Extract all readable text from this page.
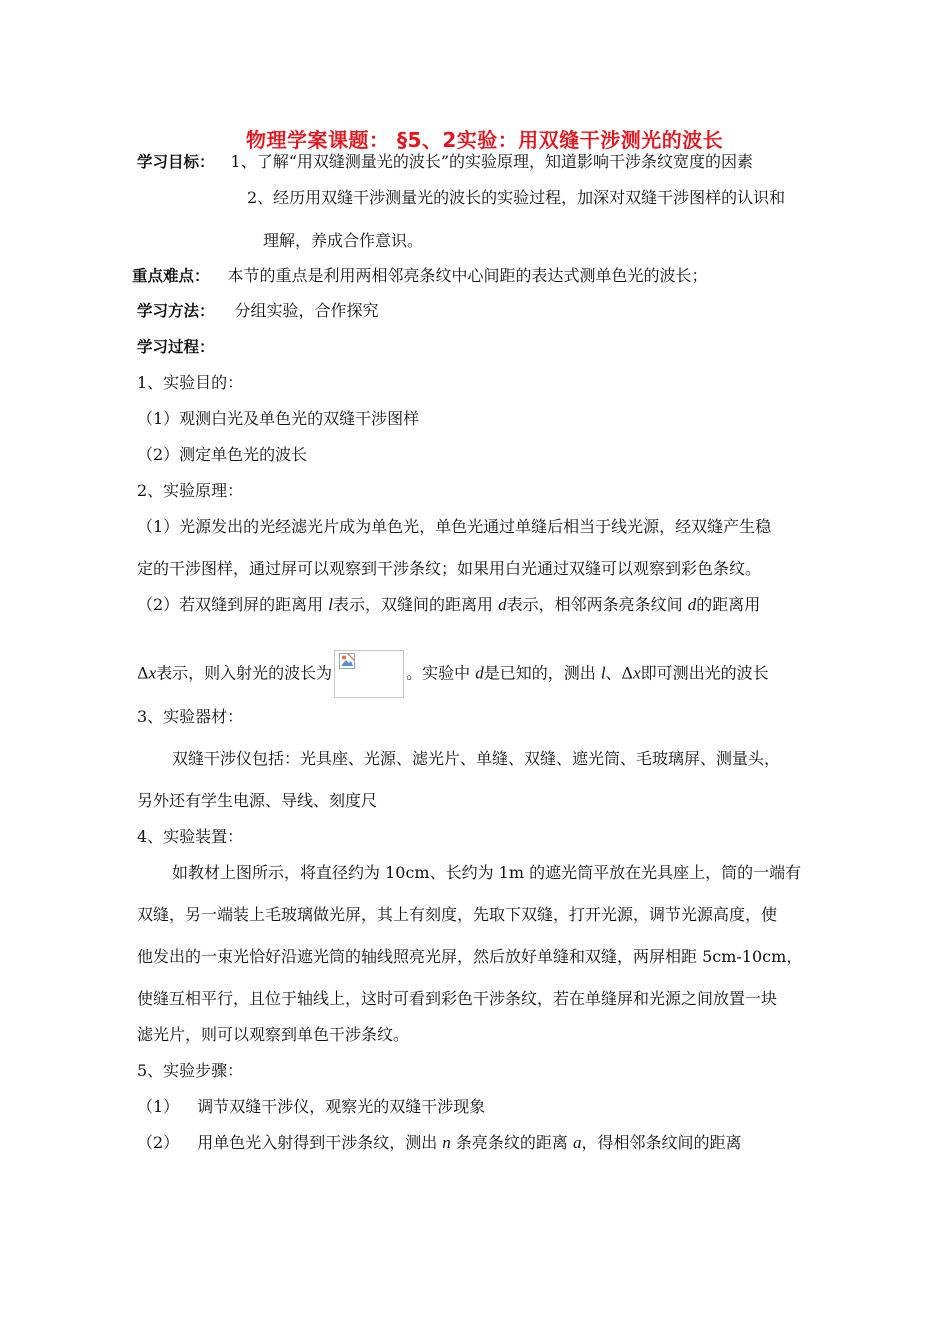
物理学案课题： §5、2实验：用双缝干涉测光的波长
学习目标： 1、了解“用双缝测量光的波长”的实验原理，知道影响干涉条纹宽度的因素
2、经历用双缝干涉测量光的波长的实验过程，加深对双缝干涉图样的认识和
理解，养成合作意识。
重点难点： 本节的重点是利用两相邻亮条纹中心间距的表达式测单色光的波长；
学习方法： 分组实验，合作探究
学习过程：
1、实验目的：
（1）观测白光及单色光的双缝干涉图样
（2）测定单色光的波长
2、实验原理：
（1）光源发出的光经滤光片成为单色光，单色光通过单缝后相当于线光源，经双缝产生稳
定的干涉图样，通过屏可以观察到干涉条纹；如果用白光通过双缝可以观察到彩色条纹。
（2）若双缝到屏的距离用 l表示，双缝间的距离用 d表示，相邻两条亮条纹间 d的距离用
Δx表示，则入射光的波长为	。实验中 d是已知的，测出 l、Δx即可测出光的波长
3、实验器材：
双缝干涉仪包括：光具座、光源、滤光片、单缝、双缝、遮光筒、毛玻璃屏、测量头，
另外还有学生电源、导线、刻度尺
4、实验装置：
如教材上图所示，将直径约为 10cm、长约为 1m 的遮光筒平放在光具座上，筒的一端有
双缝，另一端装上毛玻璃做光屏，其上有刻度，先取下双缝，打开光源，调节光源高度，使
他发出的一束光恰好沿遮光筒的轴线照亮光屏，然后放好单缝和双缝，两屏相距 5cm-10cm，
使缝互相平行，且位于轴线上，这时可看到彩色干涉条纹，若在单缝屏和光源之间放置一块
滤光片，则可以观察到单色干涉条纹。
5、实验步骤：
（1） 调节双缝干涉仪，观察光的双缝干涉现象
（2） 用单色光入射得到干涉条纹，测出 n 条亮条纹的距离 a，得相邻条纹间的距离
